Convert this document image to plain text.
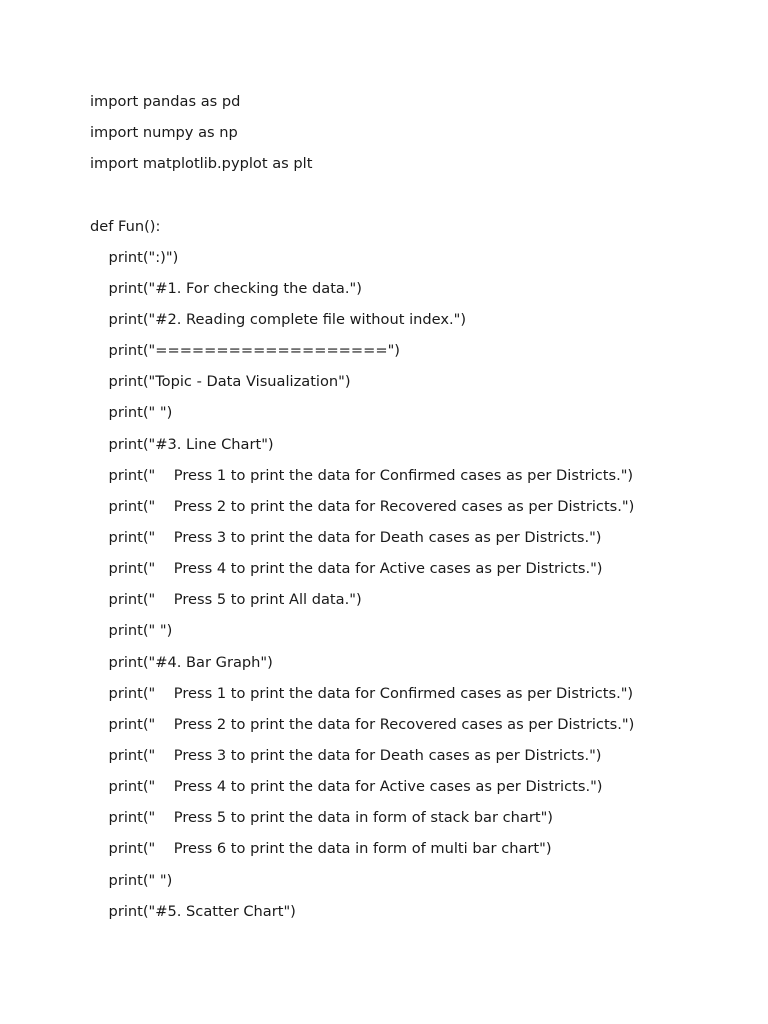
import pandas as pd
import numpy as np
import matplotlib.pyplot as plt
def Fun():
print(":)")
print("#1. For checking the data.")
print("#2. Reading complete file without index.")
print("===================")
print("Topic - Data Visualization")
print(" ")
print("#3. Line Chart")
print("    Press 1 to print the data for Confirmed cases as per Districts.")
print("    Press 2 to print the data for Recovered cases as per Districts.")
print("    Press 3 to print the data for Death cases as per Districts.")
print("    Press 4 to print the data for Active cases as per Districts.")
print("    Press 5 to print All data.")
print(" ")
print("#4. Bar Graph")
print("    Press 1 to print the data for Confirmed cases as per Districts.")
print("    Press 2 to print the data for Recovered cases as per Districts.")
print("    Press 3 to print the data for Death cases as per Districts.")
print("    Press 4 to print the data for Active cases as per Districts.")
print("    Press 5 to print the data in form of stack bar chart")
print("    Press 6 to print the data in form of multi bar chart")
print(" ")
print("#5. Scatter Chart")
